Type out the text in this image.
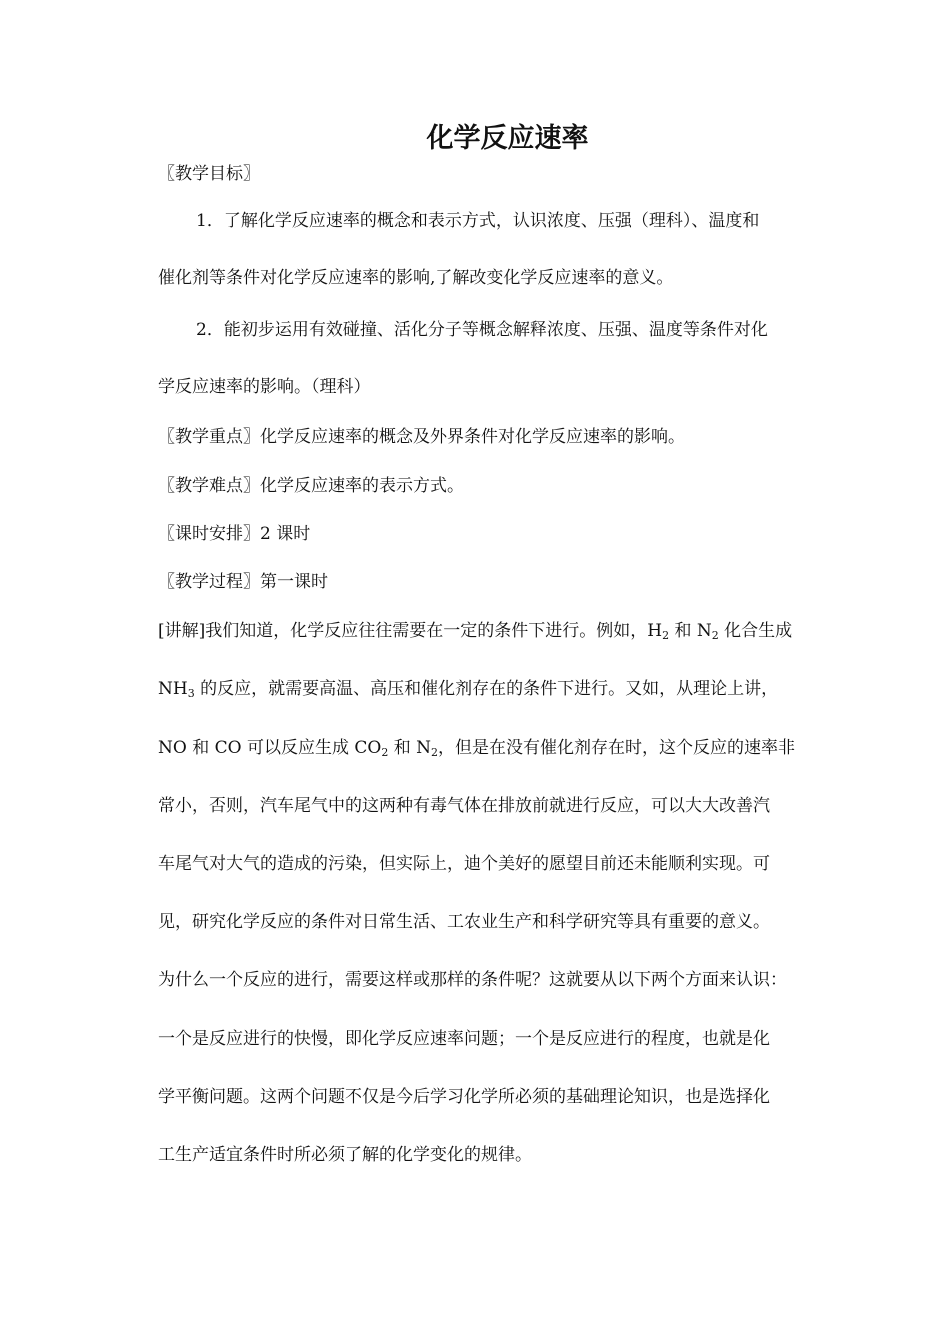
化学反应速率
〖教学目标〗
1．了解化学反应速率的概念和表示方式，认识浓度、压强（理科）、温度和
催化剂等条件对化学反应速率的影响,了解改变化学反应速率的意义。
2．能初步运用有效碰撞、活化分子等概念解释浓度、压强、温度等条件对化
学反应速率的影响。（理科）
〖教学重点〗化学反应速率的概念及外界条件对化学反应速率的影响。
〖教学难点〗化学反应速率的表示方式。
〖课时安排〗2 课时
〖教学过程〗第一课时
[讲解]我们知道，化学反应往往需要在一定的条件下进行。例如，$H_2$ 和 $N_2$ 化合生成
$NH_3$ 的反应，就需要高温、高压和催化剂存在的条件下进行。又如，从理论上讲，
NO 和 CO 可以反应生成 $CO_2$ 和 $N_2$，但是在没有催化剂存在时，这个反应的速率非
常小，否则，汽车尾气中的这两种有毒气体在排放前就进行反应，可以大大改善汽
车尾气对大气的造成的污染，但实际上，迪个美好的愿望目前还未能顺利实现。可
见，研究化学反应的条件对日常生活、工农业生产和科学研究等具有重要的意义。
为什么一个反应的进行，需要这样或那样的条件呢？这就要从以下两个方面来认识：
一个是反应进行的快慢，即化学反应速率问题；一个是反应进行的程度，也就是化
学平衡问题。这两个问题不仅是今后学习化学所必须的基础理论知识，也是选择化
工生产适宜条件时所必须了解的化学变化的规律。
